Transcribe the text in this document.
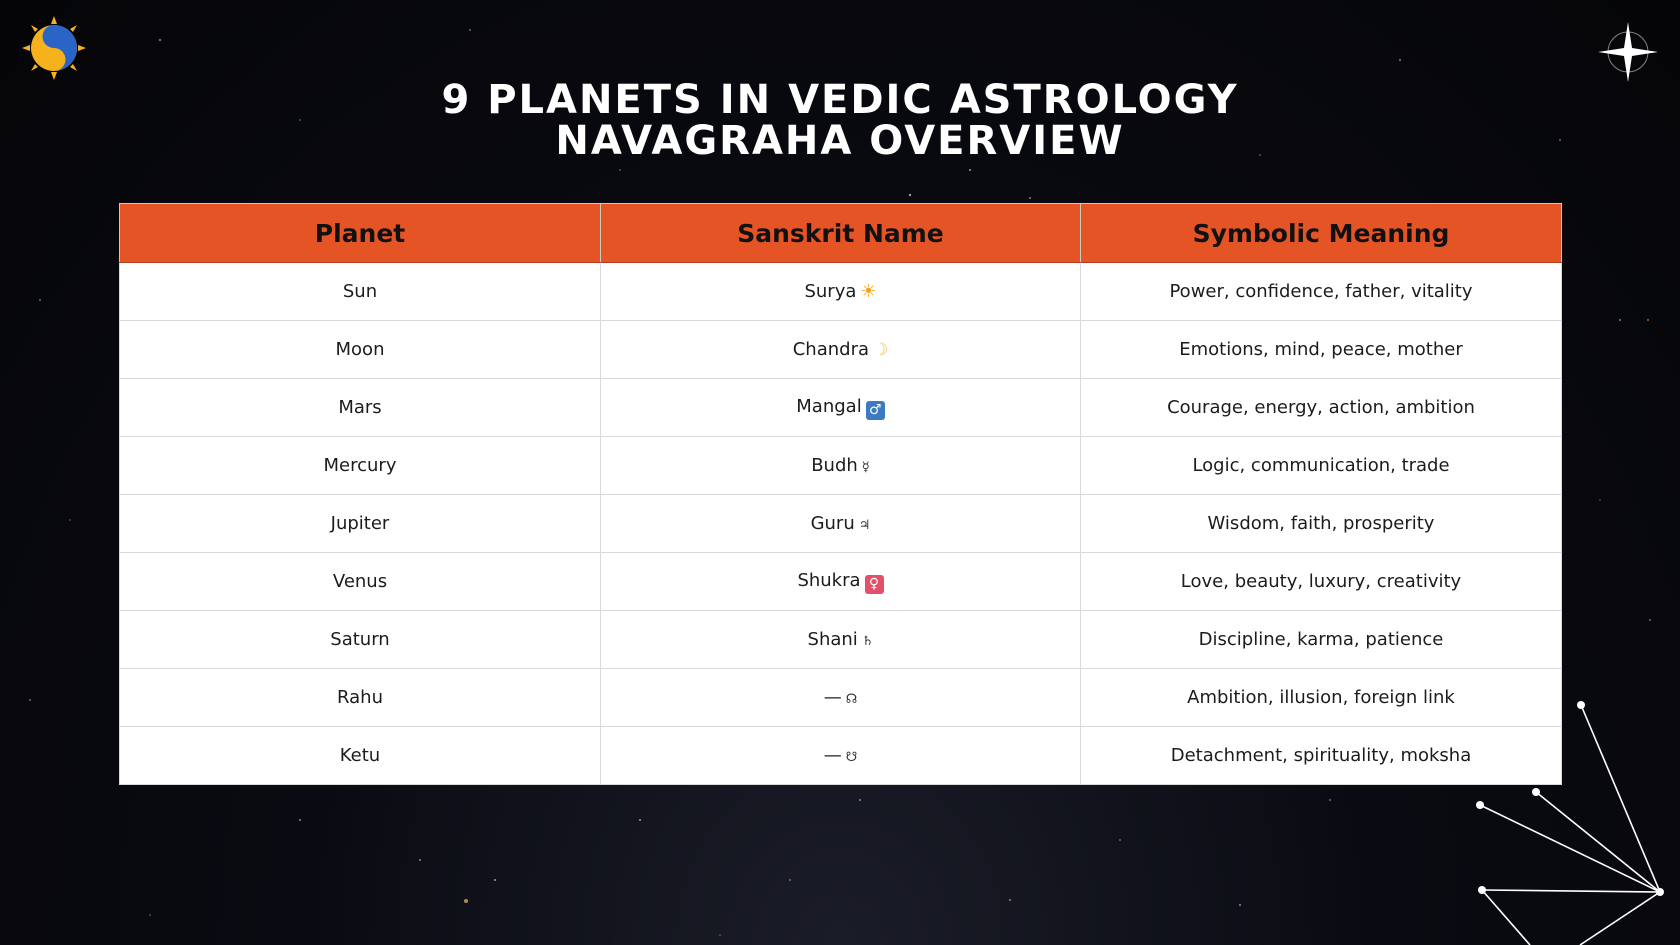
9 PLANETS IN VEDIC ASTROLOGY
NAVAGRAHA OVERVIEW
Planet	Sanskrit Name	Symbolic Meaning
Sun	Surya ☀	Power, confidence, father, vitality
Moon	Chandra ☽	Emotions, mind, peace, mother
Mars	Mangal ♂	Courage, energy, action, ambition
Mercury	Budh ☿	Logic, communication, trade
Jupiter	Guru ♃	Wisdom, faith, prosperity
Venus	Shukra ♀	Love, beauty, luxury, creativity
Saturn	Shani ♄	Discipline, karma, patience
Rahu	— ☊	Ambition, illusion, foreign link
Ketu	— ☋	Detachment, spirituality, moksha
